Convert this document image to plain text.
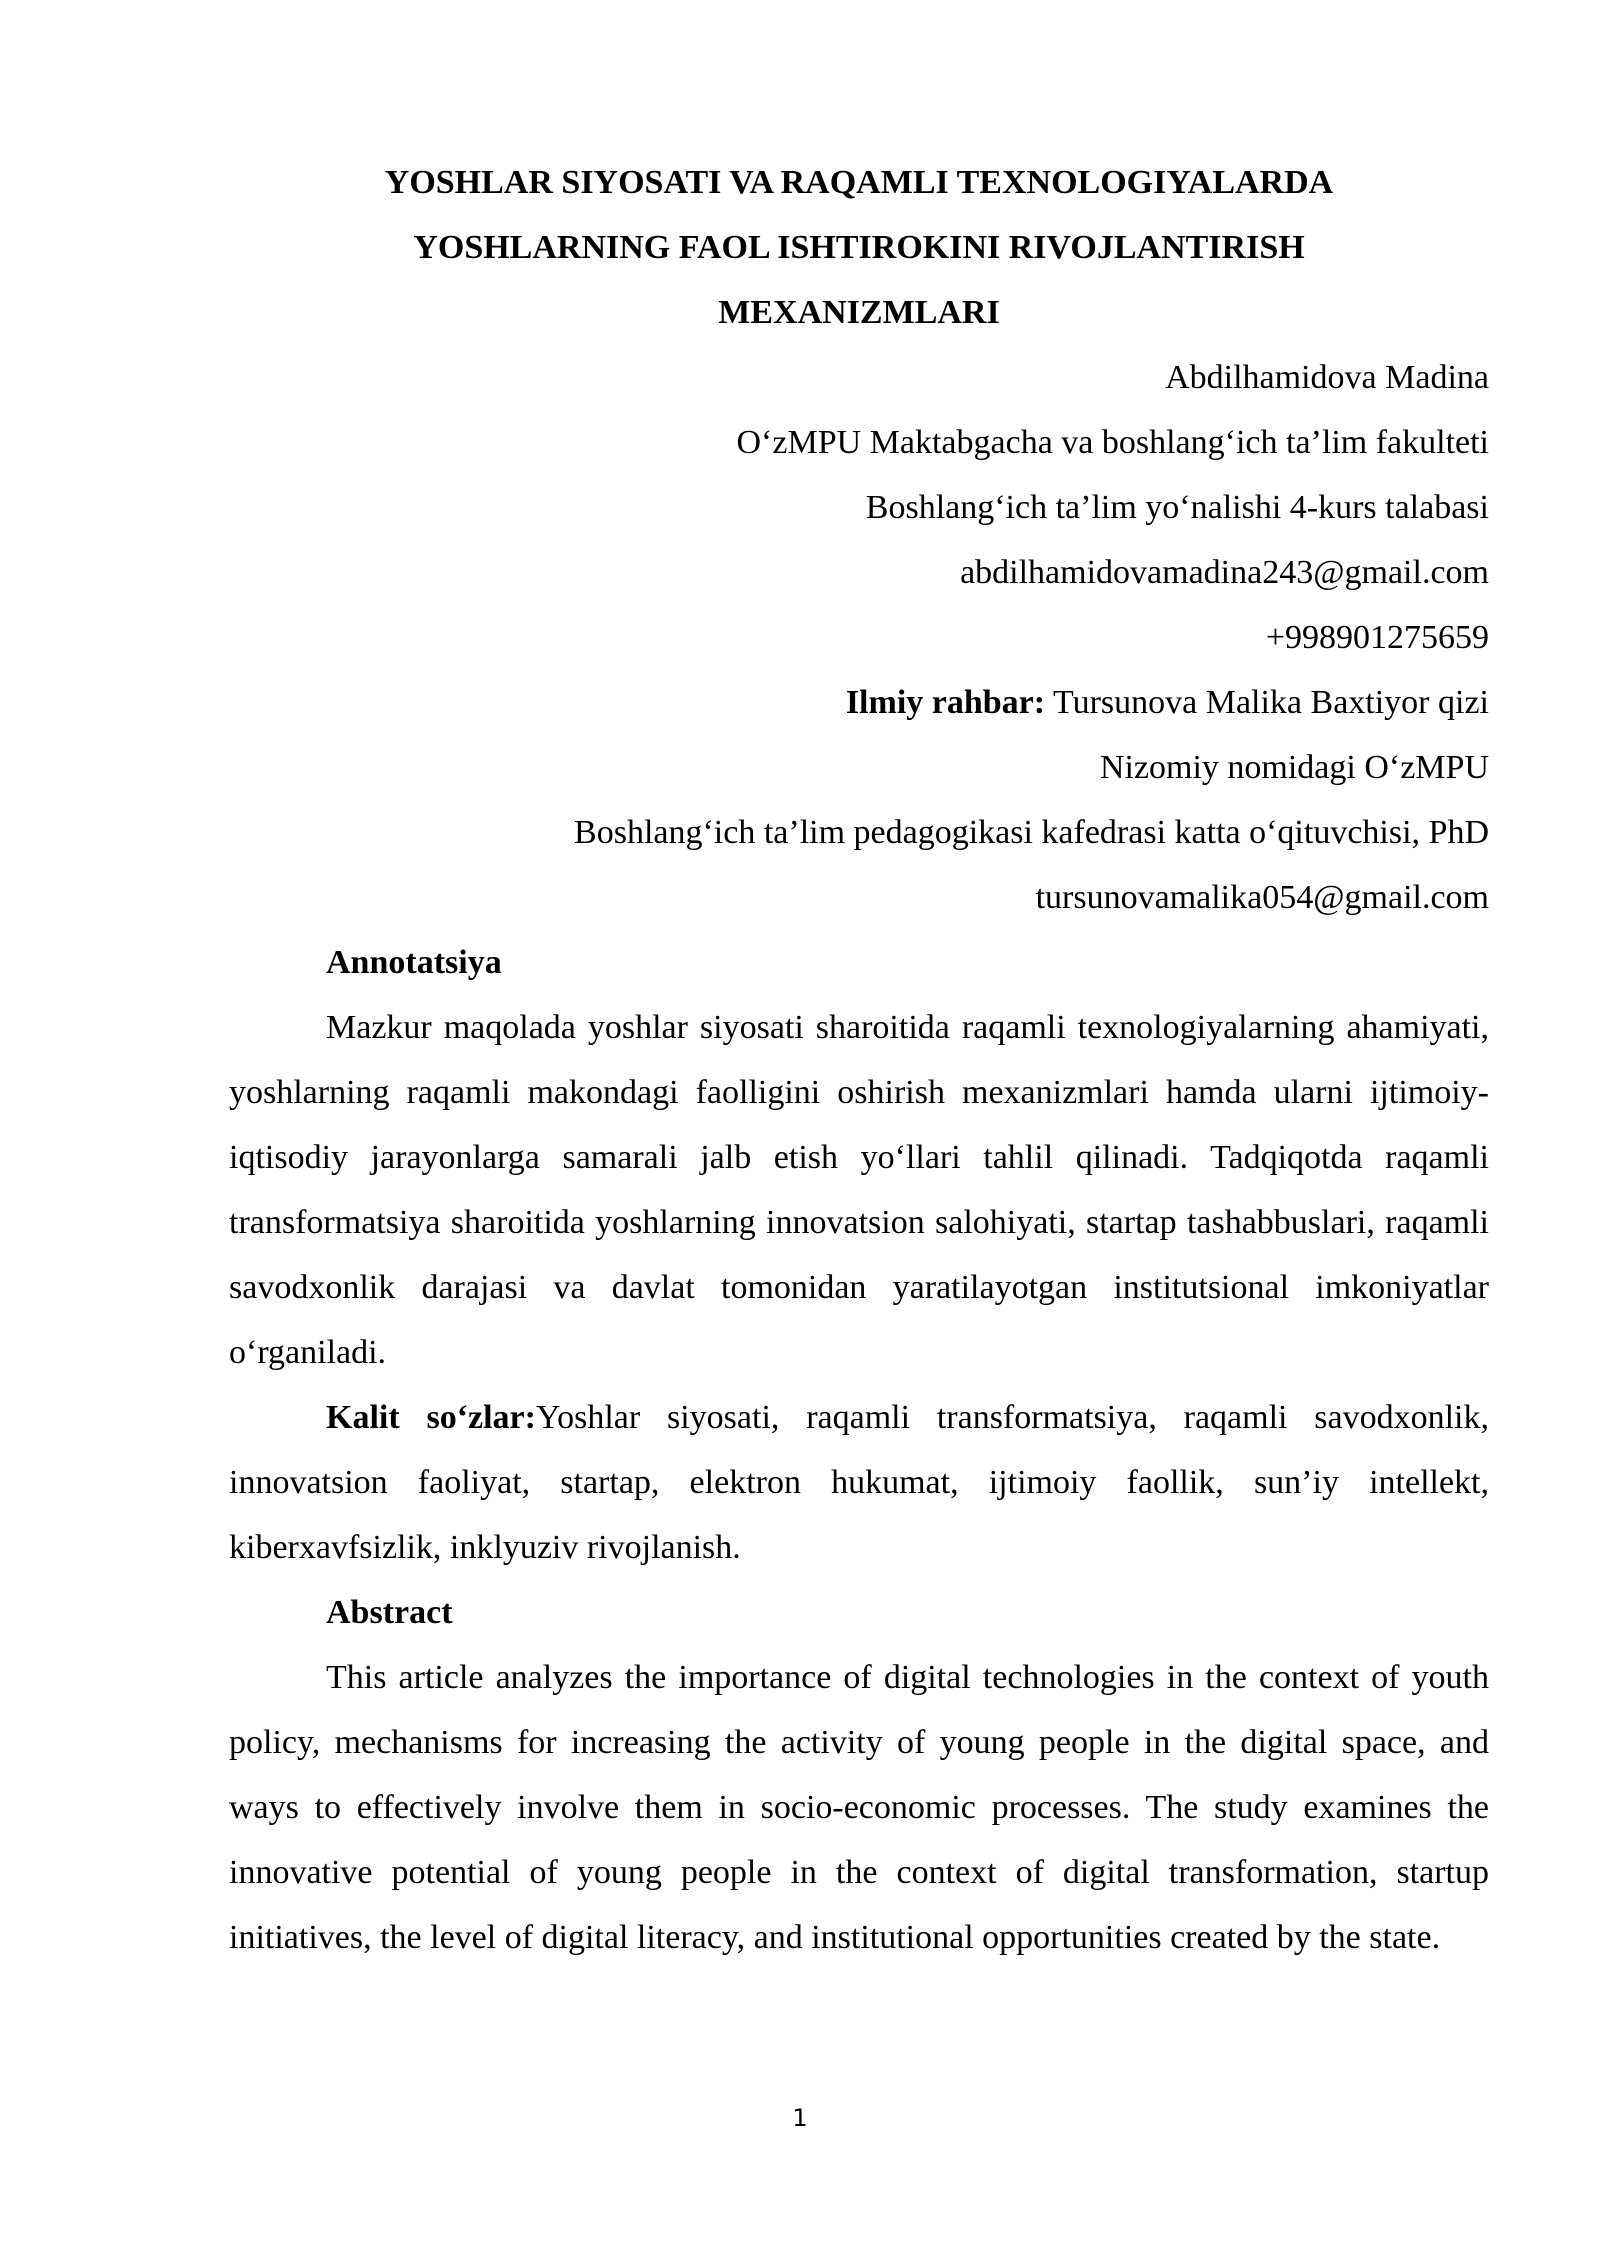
YOSHLAR SIYOSATI VA RAQAMLI TEXNOLOGIYALARDA
YOSHLARNING FAOL ISHTIROKINI RIVOJLANTIRISH
MEXANIZMLARI
Abdilhamidova Madina
O‘zMPU Maktabgacha va boshlang‘ich ta’lim fakulteti
Boshlang‘ich ta’lim yo‘nalishi 4-kurs talabasi
abdilhamidovamadina243@gmail.com
+998901275659
Ilmiy rahbar: Tursunova Malika Baxtiyor qizi
Nizomiy nomidagi O‘zMPU
Boshlang‘ich ta’lim pedagogikasi kafedrasi katta o‘qituvchisi, PhD
tursunovamalika054@gmail.com

Annotatsiya

Mazkur maqolada yoshlar siyosati sharoitida raqamli texnologiyalarning ahamiyati, yoshlarning raqamli makondagi faolligini oshirish mexanizmlari hamda ularni ijtimoiy-iqtisodiy jarayonlarga samarali jalb etish yo‘llari tahlil qilinadi. Tadqiqotda raqamli transformatsiya sharoitida yoshlarning innovatsion salohiyati, startap tashabbuslari, raqamli savodxonlik darajasi va davlat tomonidan yaratilayotgan institutsional imkoniyatlar o‘rganiladi.

Kalit so‘zlar:Yoshlar siyosati, raqamli transformatsiya, raqamli savodxonlik, innovatsion faoliyat, startap, elektron hukumat, ijtimoiy faollik, sun’iy intellekt, kiberxavfsizlik, inklyuziv rivojlanish.

Abstract

This article analyzes the importance of digital technologies in the context of youth policy, mechanisms for increasing the activity of young people in the digital space, and ways to effectively involve them in socio-economic processes. The study examines the innovative potential of young people in the context of digital transformation, startup initiatives, the level of digital literacy, and institutional opportunities created by the state.

1
